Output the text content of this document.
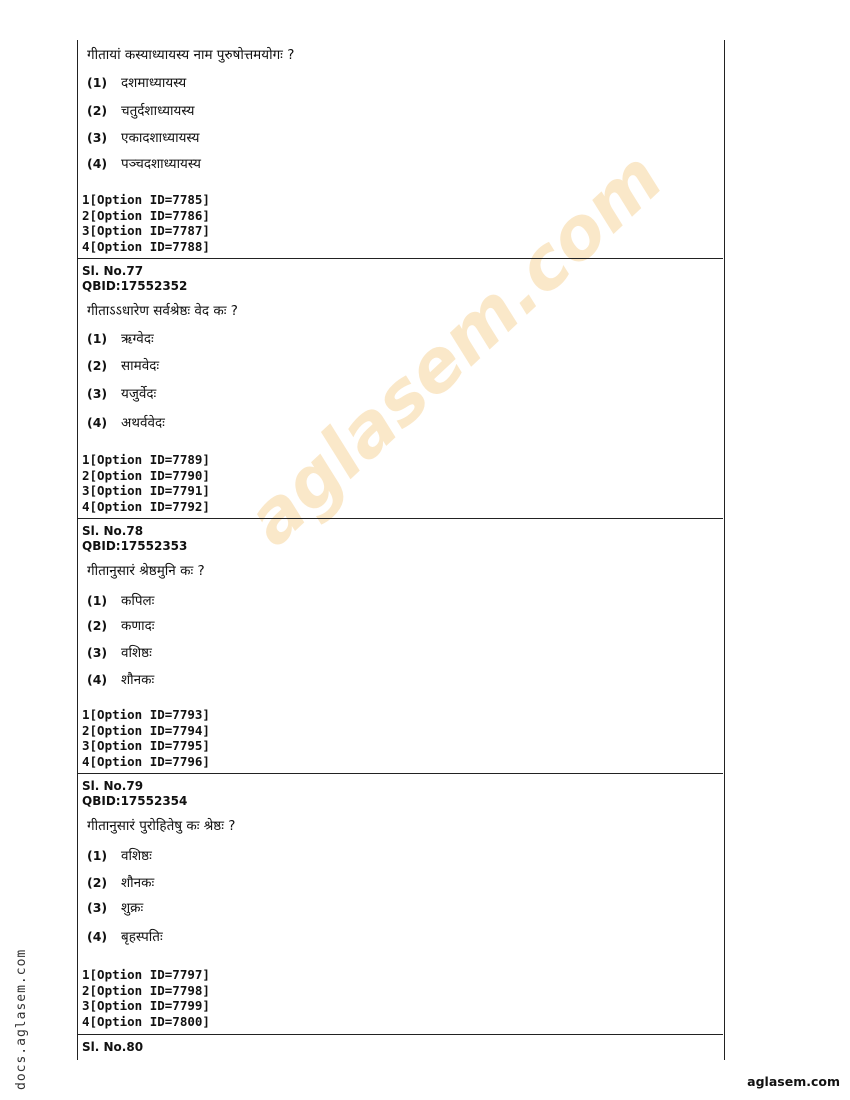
aglasem.com
गीतायां कस्याध्यायस्य नाम पुरुषोत्तमयोगः ?
(1) दशमाध्यायस्य
(2) चतुर्दशाध्यायस्य
(3) एकादशाध्यायस्य
(4) पञ्चदशाध्यायस्य
1[Option ID=7785]
2[Option ID=7786]
3[Option ID=7787]
4[Option ID=7788]
Sl. No.77
QBID:17552352
गीताऽऽधारेण सर्वश्रेष्ठः वेद कः ?
(1) ऋग्वेदः
(2) सामवेदः
(3) यजुर्वेदः
(4) अथर्ववेदः
1[Option ID=7789]
2[Option ID=7790]
3[Option ID=7791]
4[Option ID=7792]
Sl. No.78
QBID:17552353
गीतानुसारं श्रेष्ठमुनि कः ?
(1) कपिलः
(2) कणादः
(3) वशिष्ठः
(4) शौनकः
1[Option ID=7793]
2[Option ID=7794]
3[Option ID=7795]
4[Option ID=7796]
Sl. No.79
QBID:17552354
गीतानुसारं पुरोहितेषु कः श्रेष्ठः ?
(1) वशिष्ठः
(2) शौनकः
(3) शुक्रः
(4) बृहस्पतिः
1[Option ID=7797]
2[Option ID=7798]
3[Option ID=7799]
4[Option ID=7800]
Sl. No.80
docs.aglasem.com	aglasem.com
